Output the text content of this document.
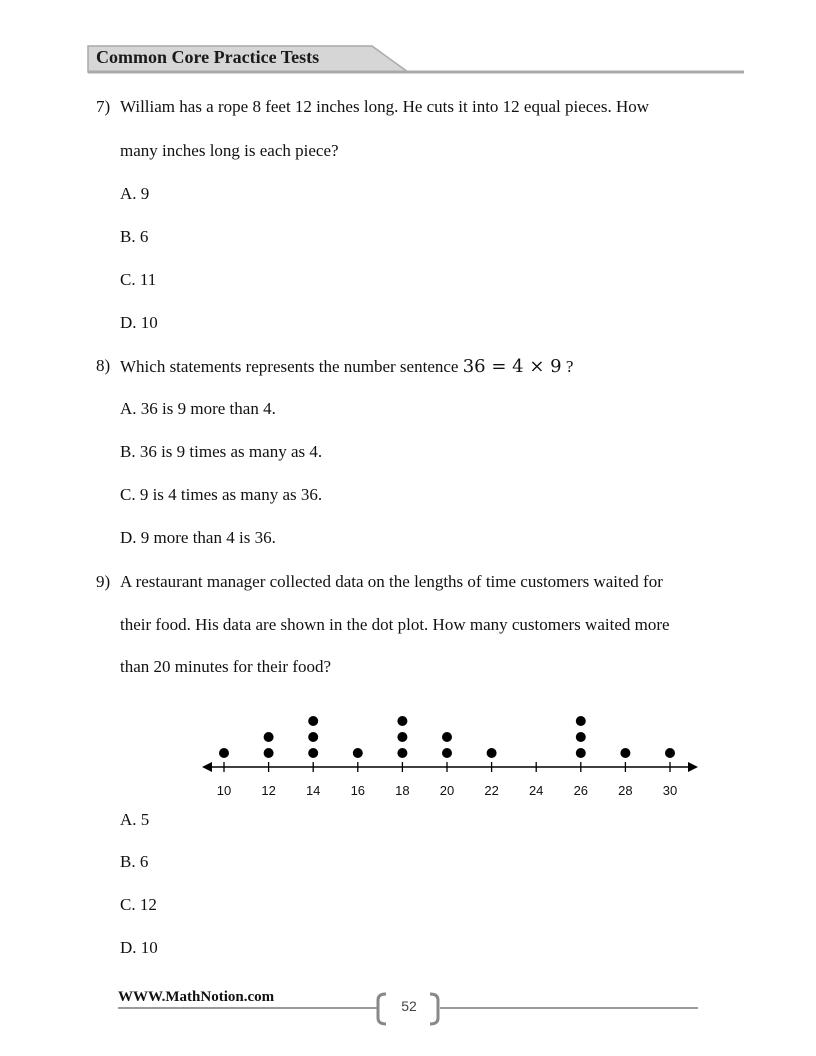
Common Core Practice Tests
7) William has a rope 8 feet 12 inches long. He cuts it into 12 equal pieces. How
many inches long is each piece?
A. 9
B. 6
C. 11
D. 10
8) Which statements represents the number sentence 36 = 4 × 9 ?
A. 36 is 9 more than 4.
B. 36 is 9 times as many as 4.
C. 9 is 4 times as many as 36.
D. 9 more than 4 is 36.
9) A restaurant manager collected data on the lengths of time customers waited for
their food. His data are shown in the dot plot. How many customers waited more
than 20 minutes for their food?
10 12 14 16 18 20 22 24 26 28 30
A. 5
B. 6
C. 12
D. 10
WWW.MathNotion.com
52
